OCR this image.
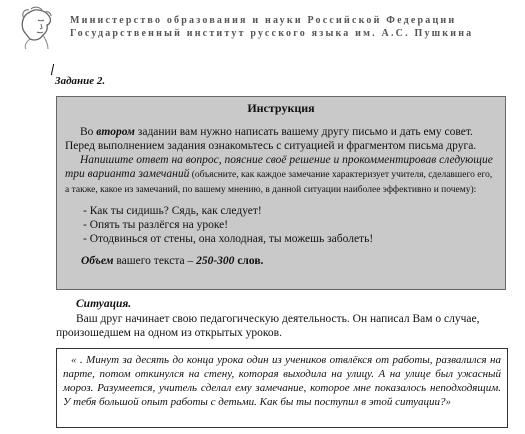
Министерство образования и науки Российской Федерации
Государственный институт русского языка им. А.С. Пушкина
Задание 2.
Инструкция
Во втором задании вам нужно написать вашему другу письмо и дать ему совет. Перед выполнением задания ознакомьтесь с ситуацией и фрагментом письма друга.
Напишите ответ на вопрос, поясние своё решение и прокомментировав следующие три варианта замечаний (объясните, как каждое замечание характеризует учителя, сделавшего его, а также, какое из замечаний, по вашему мнению, в данной ситуации наиболее эффективно и почему):
- Как ты сидишь? Сядь, как следует!
- Опять ты разлёгся на уроке!
- Отодвинься от стены, она холодная, ты можешь заболеть!
Объем вашего текста – 250-300 слов.
Ситуация.
Ваш друг начинает свою педагогическую деятельность. Он написал Вам о случае, произошедшем на одном из открытых уроков.
« . Минут за десять до конца урока один из учеников отвлёкся от работы, развалился на парте, потом откинулся на стену, которая выходила на улицу. А на улице был ужасный мороз. Разумеется, учитель сделал ему замечание, которое мне показалось неподходящим. У тебя большой опыт работы с детьми. Как бы ты поступил в этой ситуации?»
